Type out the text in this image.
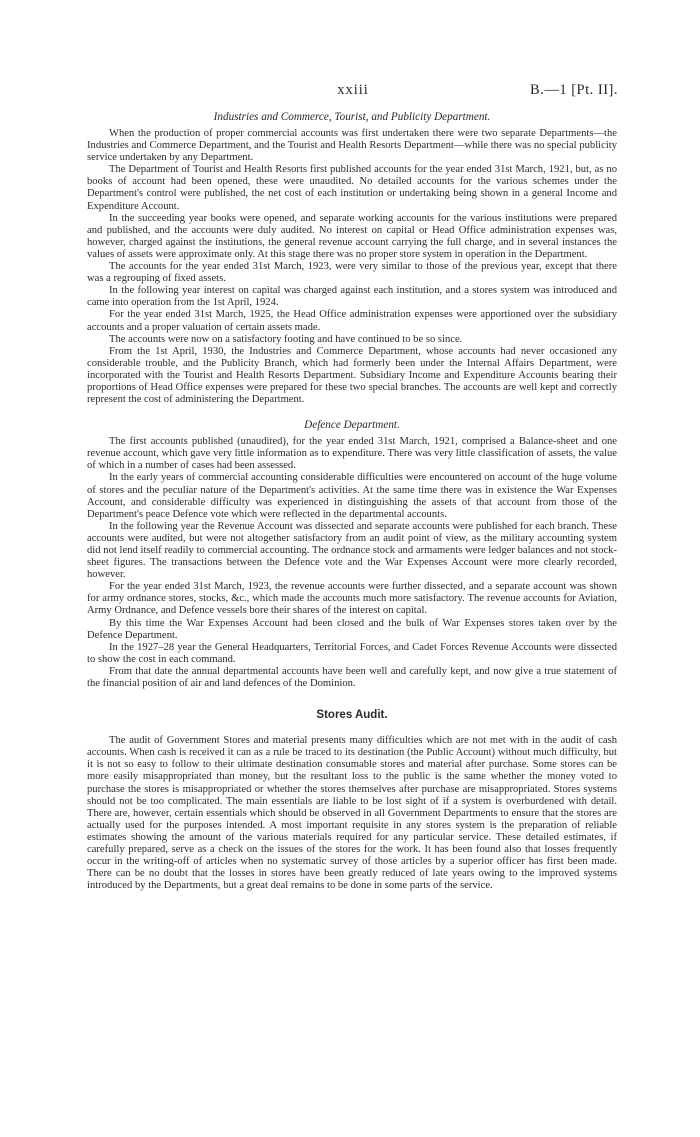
xxiii	B.—1 [Pt. II].
Industries and Commerce, Tourist, and Publicity Department.

When the production of proper commercial accounts was first undertaken there were two separate Departments—the Industries and Commerce Department, and the Tourist and Health Resorts Department—while there was no special publicity service undertaken by any Department.

The Department of Tourist and Health Resorts first published accounts for the year ended 31st March, 1921, but, as no books of account had been opened, these were unaudited. No detailed accounts for the various schemes under the Department's control were published, the net cost of each institution or undertaking being shown in a general Income and Expenditure Account.

In the succeeding year books were opened, and separate working accounts for the various institutions were prepared and published, and the accounts were duly audited. No interest on capital or Head Office administration expenses was, however, charged against the institutions, the general revenue account carrying the full charge, and in several instances the values of assets were approximate only. At this stage there was no proper store system in operation in the Department.

The accounts for the year ended 31st March, 1923, were very similar to those of the previous year, except that there was a regrouping of fixed assets.

In the following year interest on capital was charged against each institution, and a stores system was introduced and came into operation from the 1st April, 1924.

For the year ended 31st March, 1925, the Head Office administration expenses were apportioned over the subsidiary accounts and a proper valuation of certain assets made.

The accounts were now on a satisfactory footing and have continued to be so since.

From the 1st April, 1930, the Industries and Commerce Department, whose accounts had never occasioned any considerable trouble, and the Publicity Branch, which had formerly been under the Internal Affairs Department, were incorporated with the Tourist and Health Resorts Department. Subsidiary Income and Expenditure Accounts bearing their proportions of Head Office expenses were prepared for these two special branches. The accounts are well kept and correctly represent the cost of administering the Department.

Defence Department.

The first accounts published (unaudited), for the year ended 31st March, 1921, comprised a Balance-sheet and one revenue account, which gave very little information as to expenditure. There was very little classification of assets, the value of which in a number of cases had been assessed.

In the early years of commercial accounting considerable difficulties were encountered on account of the huge volume of stores and the peculiar nature of the Department's activities. At the same time there was in existence the War Expenses Account, and considerable difficulty was experienced in distinguishing the assets of that account from those of the Department's peace Defence vote which were reflected in the departmental accounts.

In the following year the Revenue Account was dissected and separate accounts were published for each branch. These accounts were audited, but were not altogether satisfactory from an audit point of view, as the military accounting system did not lend itself readily to commercial accounting. The ordnance stock and armaments were ledger balances and not stock-sheet figures. The transactions between the Defence vote and the War Expenses Account were more clearly recorded, however.

For the year ended 31st March, 1923, the revenue accounts were further dissected, and a separate account was shown for army ordnance stores, stocks, &c., which made the accounts much more satisfactory. The revenue accounts for Aviation, Army Ordnance, and Defence vessels bore their shares of the interest on capital.

By this time the War Expenses Account had been closed and the bulk of War Expenses stores taken over by the Defence Department.

In the 1927–28 year the General Headquarters, Territorial Forces, and Cadet Forces Revenue Accounts were dissected to show the cost in each command.

From that date the annual departmental accounts have been well and carefully kept, and now give a true statement of the financial position of air and land defences of the Dominion.

Stores Audit.

The audit of Government Stores and material presents many difficulties which are not met with in the audit of cash accounts. When cash is received it can as a rule be traced to its destination (the Public Account) without much difficulty, but it is not so easy to follow to their ultimate destination consumable stores and material after purchase. Some stores can be more easily misappropriated than money, but the resultant loss to the public is the same whether the money voted to purchase the stores is misappropriated or whether the stores themselves after purchase are misappropriated. Stores systems should not be too complicated. The main essentials are liable to be lost sight of if a system is overburdened with detail. There are, however, certain essentials which should be observed in all Government Departments to ensure that the stores are actually used for the purposes intended. A most important requisite in any stores system is the preparation of reliable estimates showing the amount of the various materials required for any particular service. These detailed estimates, if carefully prepared, serve as a check on the issues of the stores for the work. It has been found also that losses frequently occur in the writing-off of articles when no systematic survey of those articles by a superior officer has first been made. There can be no doubt that the losses in stores have been greatly reduced of late years owing to the improved systems introduced by the Departments, but a great deal remains to be done in some parts of the service.
